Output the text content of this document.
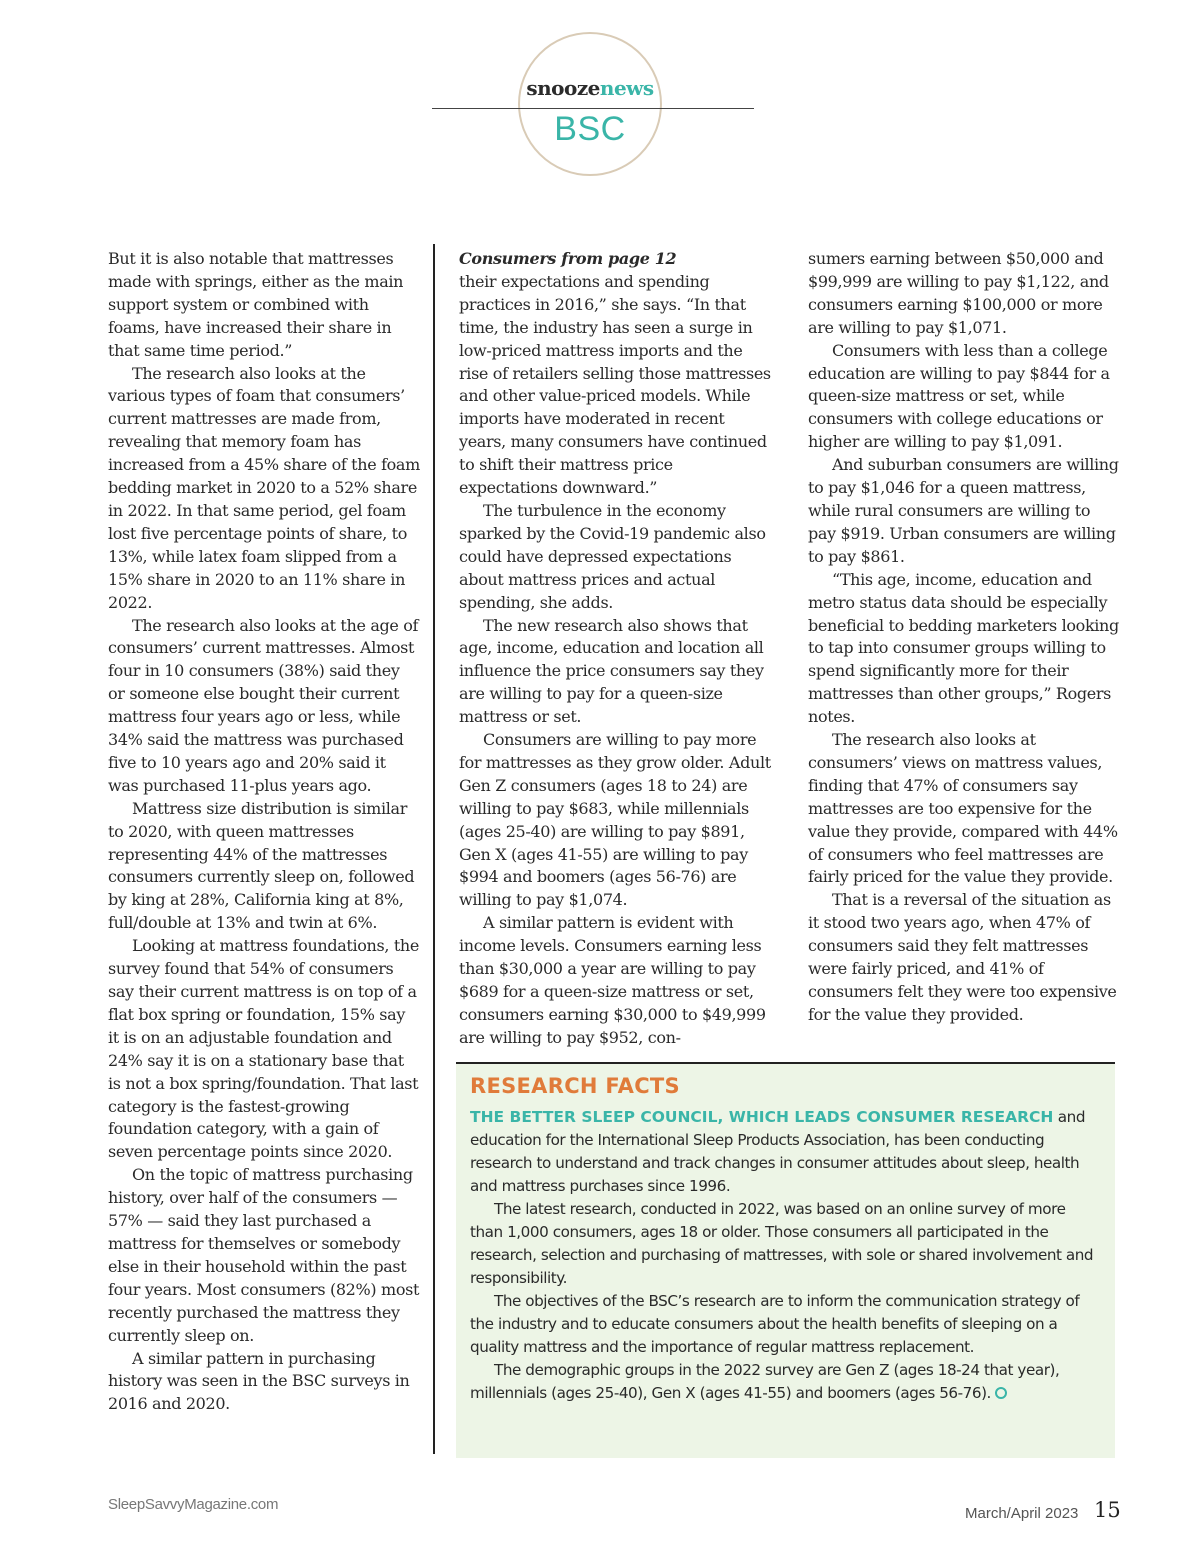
snoozenews
BSC

But it is also notable that mattresses made with springs, either as the main support system or combined with foams, have increased their share in that same time period.”

The research also looks at the various types of foam that consumers’ current mattresses are made from, revealing that memory foam has increased from a 45% share of the foam bedding market in 2020 to a 52% share in 2022. In that same period, gel foam lost five percentage points of share, to 13%, while latex foam slipped from a 15% share in 2020 to an 11% share in 2022.

The research also looks at the age of consumers’ current mattresses. Almost four in 10 consumers (38%) said they or someone else bought their current mattress four years ago or less, while 34% said the mattress was purchased five to 10 years ago and 20% said it was purchased 11-plus years ago.

Mattress size distribution is similar to 2020, with queen mattresses representing 44% of the mattresses consumers currently sleep on, followed by king at 28%, California king at 8%, full/double at 13% and twin at 6%.

Looking at mattress foundations, the survey found that 54% of consumers say their current mattress is on top of a flat box spring or foundation, 15% say it is on an adjustable foundation and 24% say it is on a stationary base that is not a box spring/foundation. That last category is the fastest-growing foundation category, with a gain of seven percentage points since 2020.

On the topic of mattress purchasing history, over half of the consumers — 57% — said they last purchased a mattress for themselves or somebody else in their household within the past four years. Most consumers (82%) most recently purchased the mattress they currently sleep on.

A similar pattern in purchasing history was seen in the BSC surveys in 2016 and 2020.

Consumers from page 12

their expectations and spending practices in 2016,” she says. “In that time, the industry has seen a surge in low-priced mattress imports and the rise of retailers selling those mattresses and other value-priced models. While imports have moderated in recent years, many consumers have continued to shift their mattress price expectations downward.”

The turbulence in the economy sparked by the Covid-19 pandemic also could have depressed expectations about mattress prices and actual spending, she adds.

The new research also shows that age, income, education and location all influence the price consumers say they are willing to pay for a queen-size mattress or set.

Consumers are willing to pay more for mattresses as they grow older. Adult Gen Z consumers (ages 18 to 24) are willing to pay $683, while millennials (ages 25-40) are willing to pay $891, Gen X (ages 41-55) are willing to pay $994 and boomers (ages 56-76) are willing to pay $1,074.

A similar pattern is evident with income levels. Consumers earning less than $30,000 a year are willing to pay $689 for a queen-size mattress or set, consumers earning $30,000 to $49,999 are willing to pay $952, con-

sumers earning between $50,000 and $99,999 are willing to pay $1,122, and consumers earning $100,000 or more are willing to pay $1,071.

Consumers with less than a college education are willing to pay $844 for a queen-size mattress or set, while consumers with college educations or higher are willing to pay $1,091.

And suburban consumers are willing to pay $1,046 for a queen mattress, while rural consumers are willing to pay $919. Urban consumers are willing to pay $861.

“This age, income, education and metro status data should be especially beneficial to bedding marketers looking to tap into consumer groups willing to spend significantly more for their mattresses than other groups,” Rogers notes.

The research also looks at consumers’ views on mattress values, finding that 47% of consumers say mattresses are too expensive for the value they provide, compared with 44% of consumers who feel mattresses are fairly priced for the value they provide.

That is a reversal of the situation as it stood two years ago, when 47% of consumers said they felt mattresses were fairly priced, and 41% of consumers felt they were too expensive for the value they provided.

RESEARCH FACTS

THE BETTER SLEEP COUNCIL, WHICH LEADS CONSUMER RESEARCH and education for the International Sleep Products Association, has been conducting research to understand and track changes in consumer attitudes about sleep, health and mattress purchases since 1996.

The latest research, conducted in 2022, was based on an online survey of more than 1,000 consumers, ages 18 or older. Those consumers all participated in the research, selection and purchasing of mattresses, with sole or shared involvement and responsibility.

The objectives of the BSC’s research are to inform the communication strategy of the industry and to educate consumers about the health benefits of sleeping on a quality mattress and the importance of regular mattress replacement.

The demographic groups in the 2022 survey are Gen Z (ages 18-24 that year), millennials (ages 25-40), Gen X (ages 41-55) and boomers (ages 56-76).

SleepSavvyMagazine.com
March/April 2023 15
